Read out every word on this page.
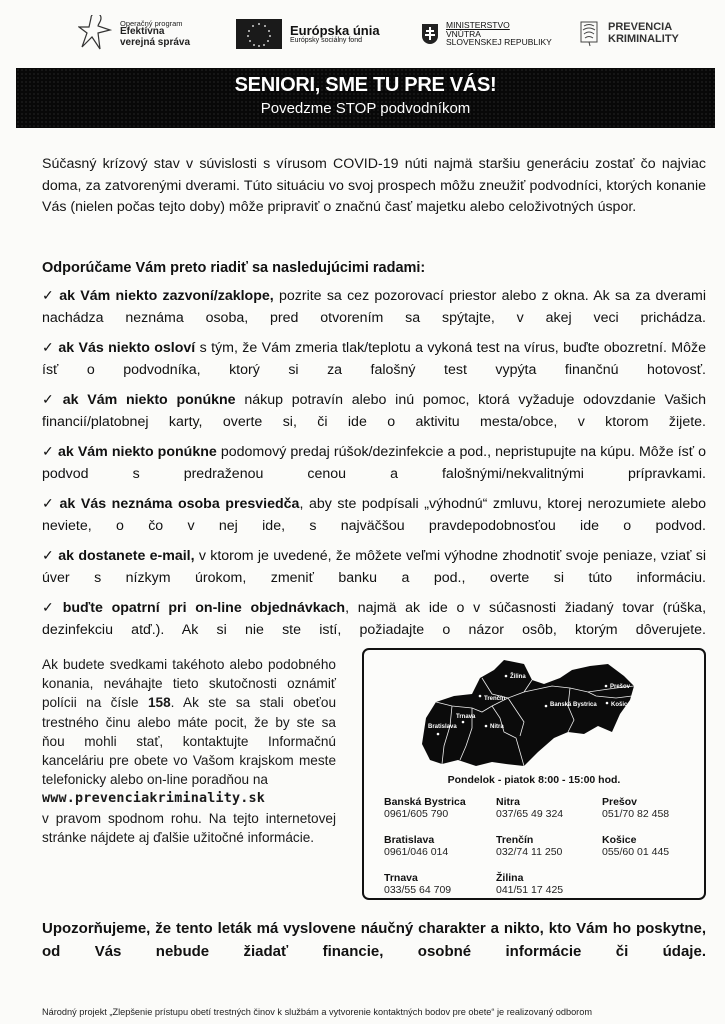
Operačný program
Efektívna
verejná správa
Európska únia
Európsky sociálny fond
MINISTERSTVO
VNÚTRA
SLOVENSKEJ REPUBLIKY
PREVENCIA
KRIMINALITY
SENIORI, SME TU PRE VÁS!
Povedzme STOP podvodníkom
Súčasný krízový stav v súvislosti s vírusom COVID-19 núti najmä staršiu generáciu zostať čo najviac doma, za zatvorenými dverami. Túto situáciu vo svoj prospech môžu zneužiť podvodníci, ktorých konanie Vás (nielen počas tejto doby) môže pripraviť o značnú časť majetku alebo celoživotných úspor.
Odporúčame Vám preto riadiť sa nasledujúcimi radami:
✓ ak Vám niekto zazvoní/zaklope, pozrite sa cez pozorovací priestor alebo z okna. Ak sa za dverami nachádza neznáma osoba, pred otvorením sa spýtajte, v akej veci prichádza.
✓ ak Vás niekto osloví s tým, že Vám zmeria tlak/teplotu a vykoná test na vírus, buďte obozretní. Môže ísť o podvodníka, ktorý si za falošný test vypýta finančnú hotovosť.
✓ ak Vám niekto ponúkne nákup potravín alebo inú pomoc, ktorá vyžaduje odovzdanie Vašich financií/platobnej karty, overte si, či ide o aktivitu mesta/obce, v ktorom žijete.
✓ ak Vám niekto ponúkne podomový predaj rúšok/dezinfekcie a pod., nepristupujte na kúpu. Môže ísť o podvod s predraženou cenou a falošnými/nekvalitnými prípravkami.
✓ ak Vás neznáma osoba presviedča, aby ste podpísali „výhodnú“ zmluvu, ktorej nerozumiete alebo neviete, o čo v nej ide, s najväčšou pravdepodobnosťou ide o podvod.
✓ ak dostanete e-mail, v ktorom je uvedené, že môžete veľmi výhodne zhodnotiť svoje peniaze, vziať si úver s nízkym úrokom, zmeniť banku a pod., overte si túto informáciu.
✓ buďte opatrní pri on-line objednávkach, najmä ak ide o v súčasnosti žiadaný tovar (rúška, dezinfekciu atď.). Ak si nie ste istí, požiadajte o názor osôb, ktorým dôverujete.
Ak budete svedkami takéhoto alebo podobného konania, neváhajte tieto skutočnosti oznámiť polícii na čísle 158. Ak ste sa stali obeťou trestného činu alebo máte pocit, že by ste sa ňou mohli stať, kontaktujte Informačnú kanceláriu pre obete vo Vašom krajskom meste telefonicky alebo on-line poradňou na
www.prevenciakriminality.sk
v pravom spodnom rohu. Na tejto internetovej stránke nájdete aj ďalšie užitočné informácie.
Žilina
Trenčín
Banská Bystrica
Trnava
Bratislava	Nitra
Prešov
Košice
Pondelok - piatok 8:00 - 15:00 hod.
Banská Bystrica
0961/605 790
Nitra
037/65 49 324
Prešov
051/70 82 458
Bratislava
0961/046 014
Trenčín
032/74 11 250
Košice
055/60 01 445
Trnava
033/55 64 709
Žilina
041/51 17 425
Upozorňujeme, že tento leták má vyslovene náučný charakter a nikto, kto Vám ho poskytne, od Vás nebude žiadať financie, osobné informácie či údaje.
Národný projekt „Zlepšenie prístupu obetí trestných činov k službám a vytvorenie kontaktných bodov pre obete“ je realizovaný odborom
